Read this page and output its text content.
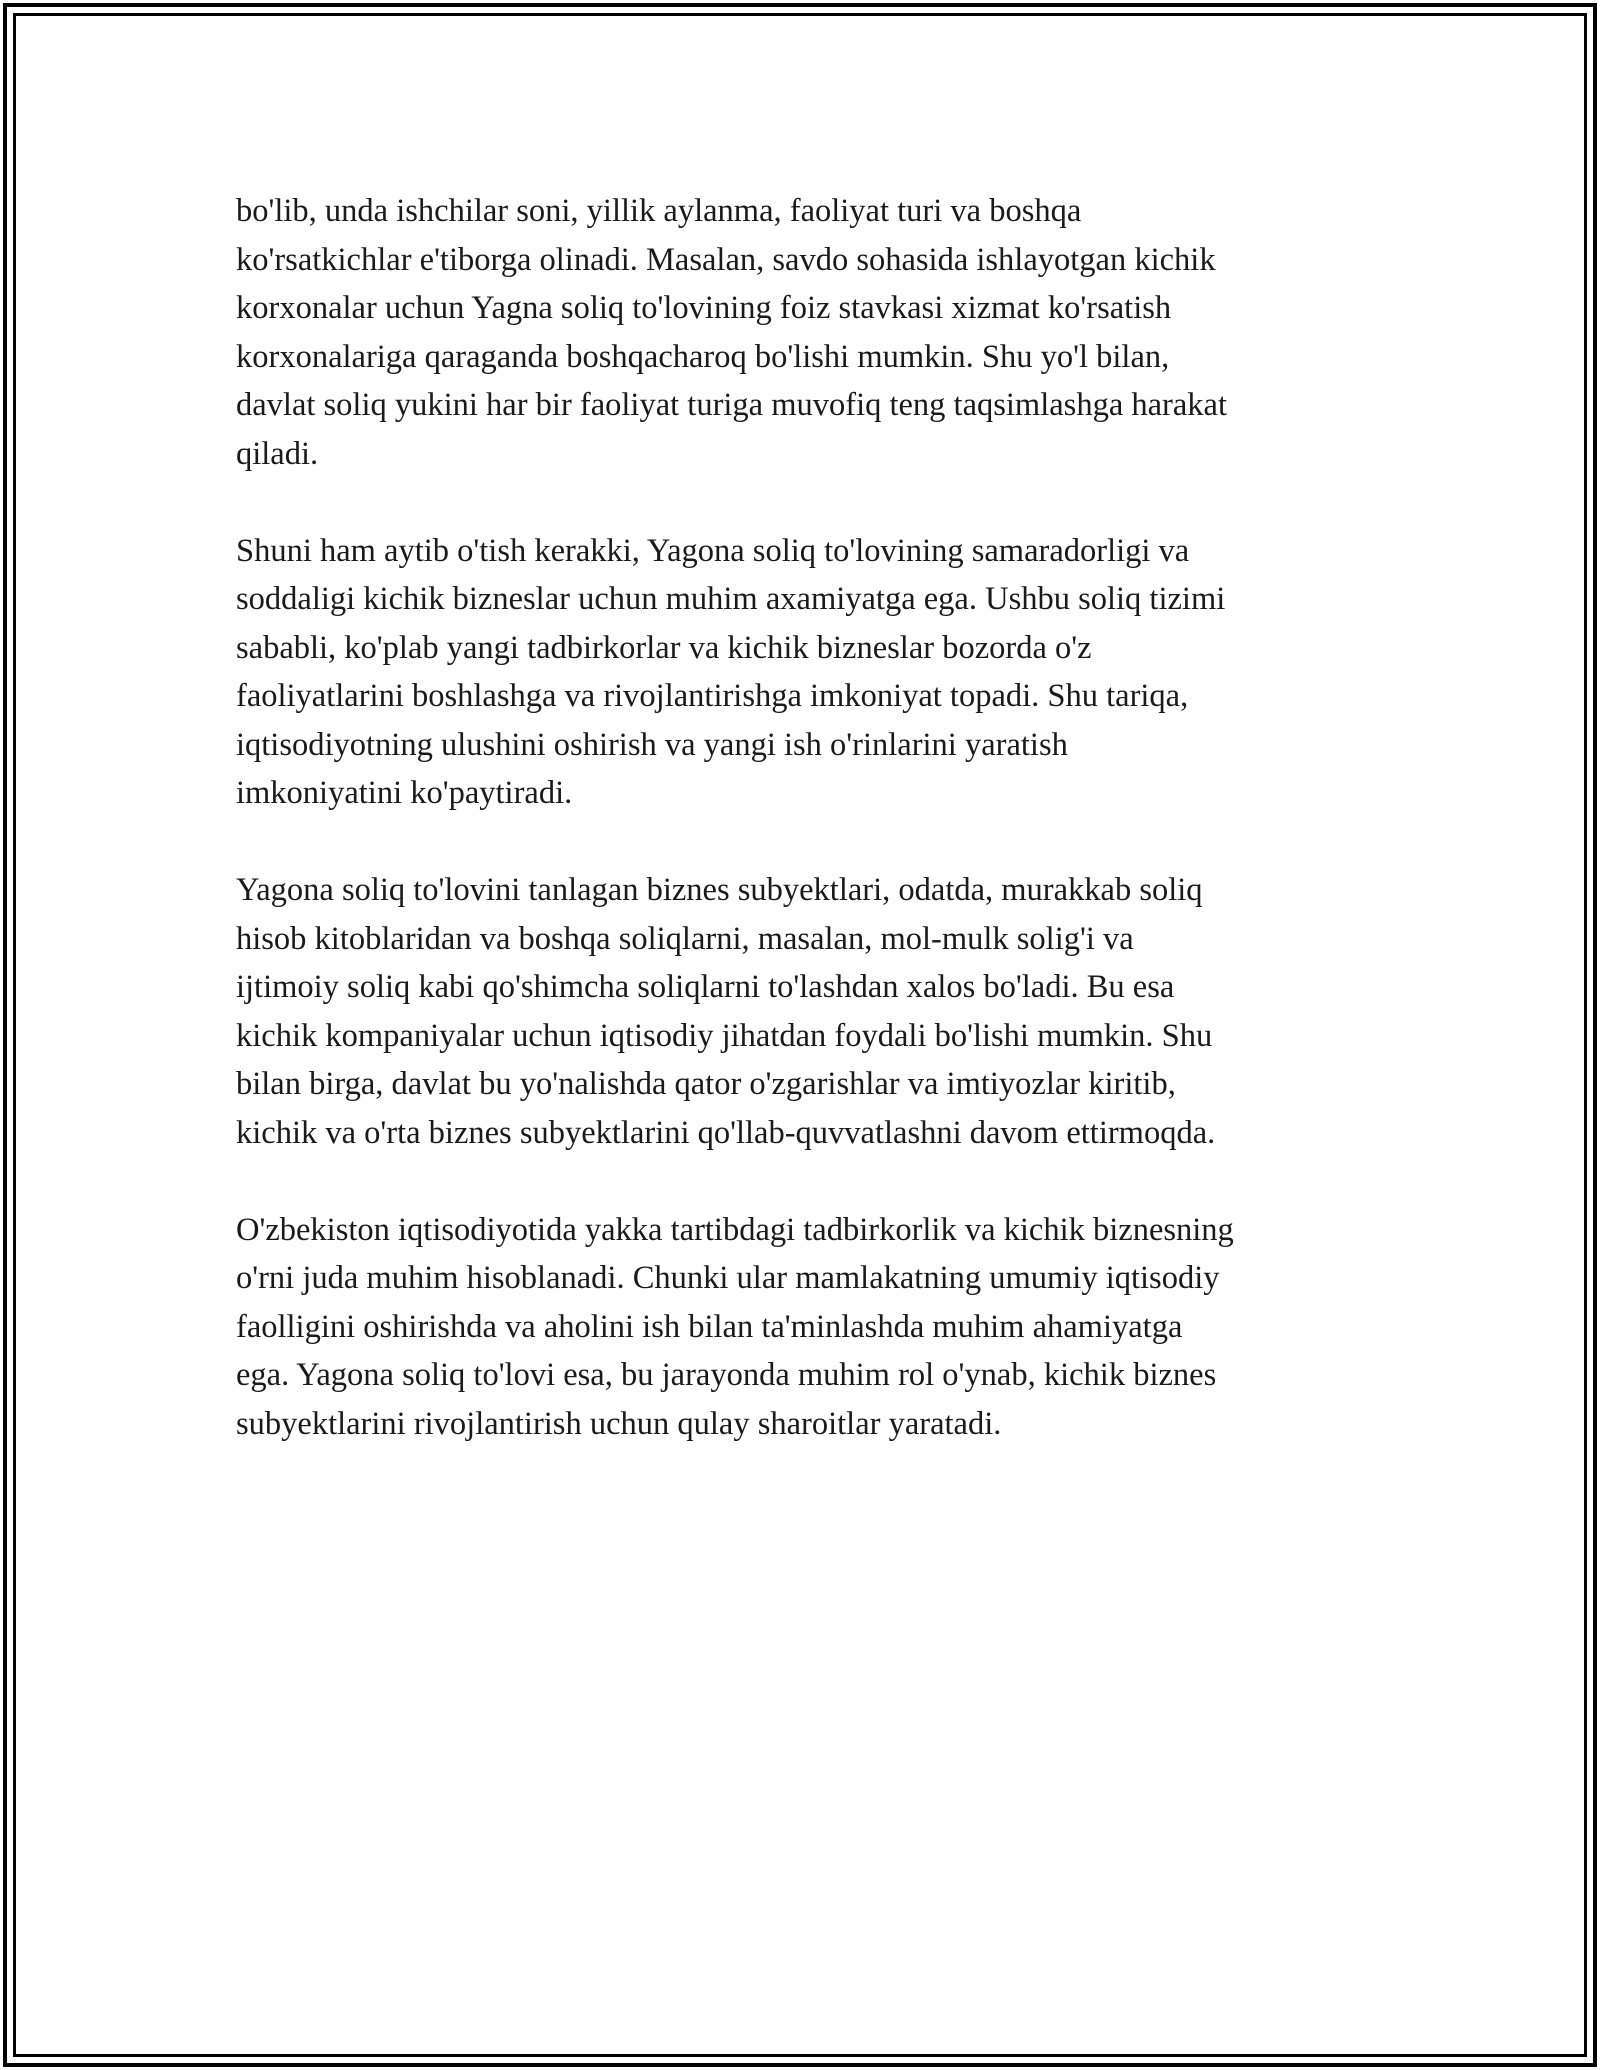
bo'lib, unda ishchilar soni, yillik aylanma, faoliyat turi va boshqa
ko'rsatkichlar e'tiborga olinadi. Masalan, savdo sohasida ishlayotgan kichik
korxonalar uchun Yagna soliq to'lovining foiz stavkasi xizmat ko'rsatish
korxonalariga qaraganda boshqacharoq bo'lishi mumkin. Shu yo'l bilan,
davlat soliq yukini har bir faoliyat turiga muvofiq teng taqsimlashga harakat
qiladi.

Shuni ham aytib o'tish kerakki, Yagona soliq to'lovining samaradorligi va
soddaligi kichik bizneslar uchun muhim axamiyatga ega. Ushbu soliq tizimi
sababli, ko'plab yangi tadbirkorlar va kichik bizneslar bozorda o'z
faoliyatlarini boshlashga va rivojlantirishga imkoniyat topadi. Shu tariqa,
iqtisodiyotning ulushini oshirish va yangi ish o'rinlarini yaratish
imkoniyatini ko'paytiradi.

Yagona soliq to'lovini tanlagan biznes subyektlari, odatda, murakkab soliq
hisob kitoblaridan va boshqa soliqlarni, masalan, mol-mulk solig'i va
ijtimoiy soliq kabi qo'shimcha soliqlarni to'lashdan xalos bo'ladi. Bu esa
kichik kompaniyalar uchun iqtisodiy jihatdan foydali bo'lishi mumkin. Shu
bilan birga, davlat bu yo'nalishda qator o'zgarishlar va imtiyozlar kiritib,
kichik va o'rta biznes subyektlarini qo'llab-quvvatlashni davom ettirmoqda.

O'zbekiston iqtisodiyotida yakka tartibdagi tadbirkorlik va kichik biznesning
o'rni juda muhim hisoblanadi. Chunki ular mamlakatning umumiy iqtisodiy
faolligini oshirishda va aholini ish bilan ta'minlashda muhim ahamiyatga
ega. Yagona soliq to'lovi esa, bu jarayonda muhim rol o'ynab, kichik biznes
subyektlarini rivojlantirish uchun qulay sharoitlar yaratadi.
